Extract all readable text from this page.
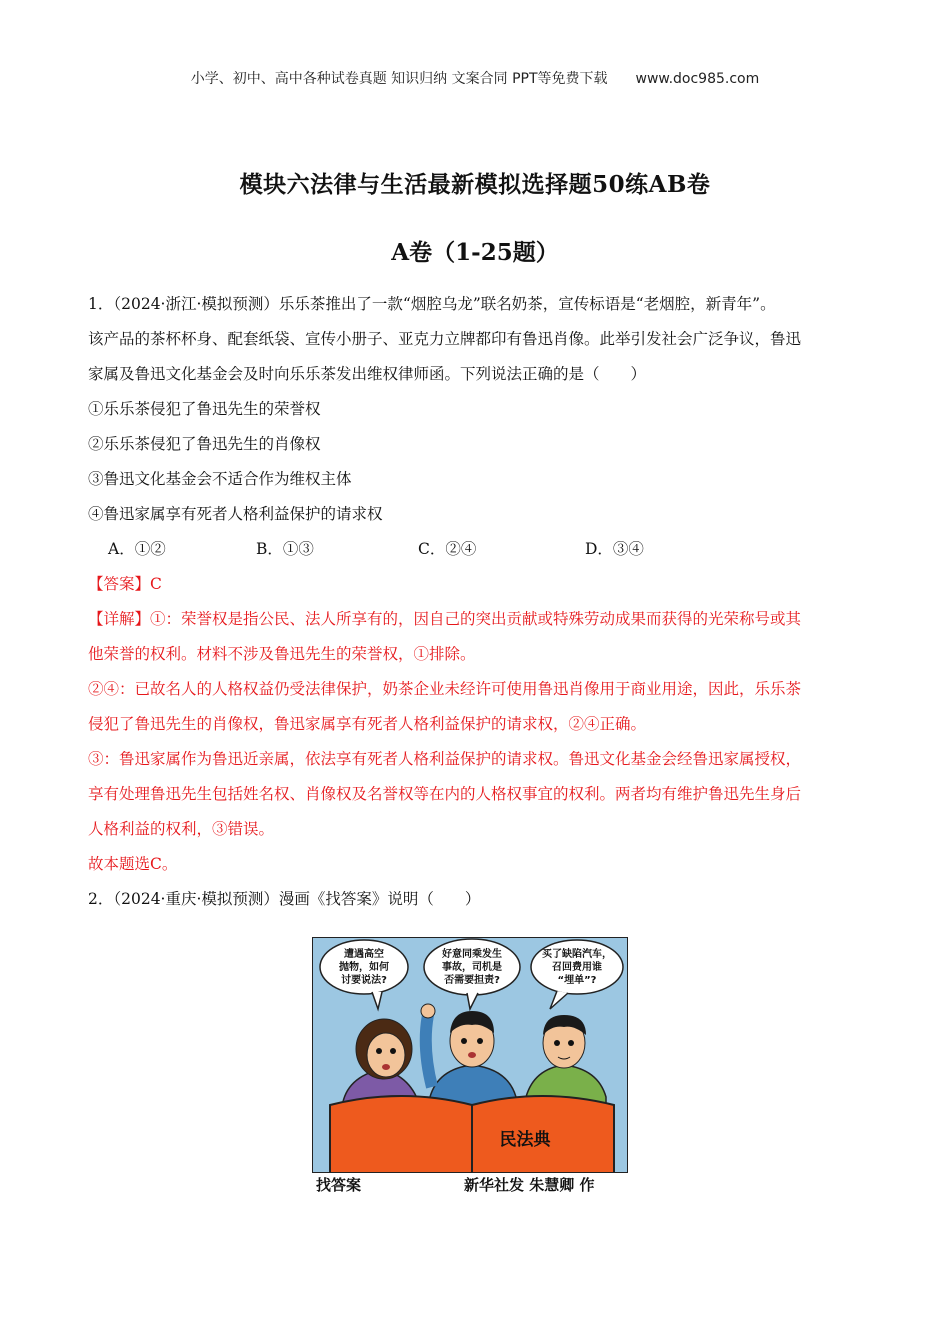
小学、初中、高中各种试卷真题 知识归纳 文案合同 PPT等免费下载 www.doc985.com
模块六法律与生活最新模拟选择题50练AB卷
A卷（1-25题）

1．（2024·浙江·模拟预测）乐乐茶推出了一款“烟腔乌龙”联名奶茶，宣传标语是“老烟腔，新青年”。

该产品的茶杯杯身、配套纸袋、宣传小册子、亚克力立牌都印有鲁迅肖像。此举引发社会广泛争议，鲁迅

家属及鲁迅文化基金会及时向乐乐茶发出维权律师函。下列说法正确的是（　　）

①乐乐茶侵犯了鲁迅先生的荣誉权

②乐乐茶侵犯了鲁迅先生的肖像权

③鲁迅文化基金会不适合作为维权主体

④鲁迅家属享有死者人格利益保护的请求权

A．①②	B．①③	C．②④	D．③④

【答案】C

【详解】①：荣誉权是指公民、法人所享有的，因自己的突出贡献或特殊劳动成果而获得的光荣称号或其

他荣誉的权利。材料不涉及鲁迅先生的荣誉权，①排除。

②④：已故名人的人格权益仍受法律保护，奶茶企业未经许可使用鲁迅肖像用于商业用途，因此，乐乐茶

侵犯了鲁迅先生的肖像权，鲁迅家属享有死者人格利益保护的请求权，②④正确。

③：鲁迅家属作为鲁迅近亲属，依法享有死者人格利益保护的请求权。鲁迅文化基金会经鲁迅家属授权，

享有处理鲁迅先生包括姓名权、肖像权及名誉权等在内的人格权事宜的权利。两者均有维护鲁迅先生身后

人格利益的权利，③错误。

故本题选C。

2．（2024·重庆·模拟预测）漫画《找答案》说明（　　）

遭遇高空
抛物，如何
讨要说法?
好意同乘发生
事故，司机是
否需要担责?
买了缺陷汽车，
召回费用谁
“埋单”?
民法典
找答案	新华社发 朱慧卿 作
